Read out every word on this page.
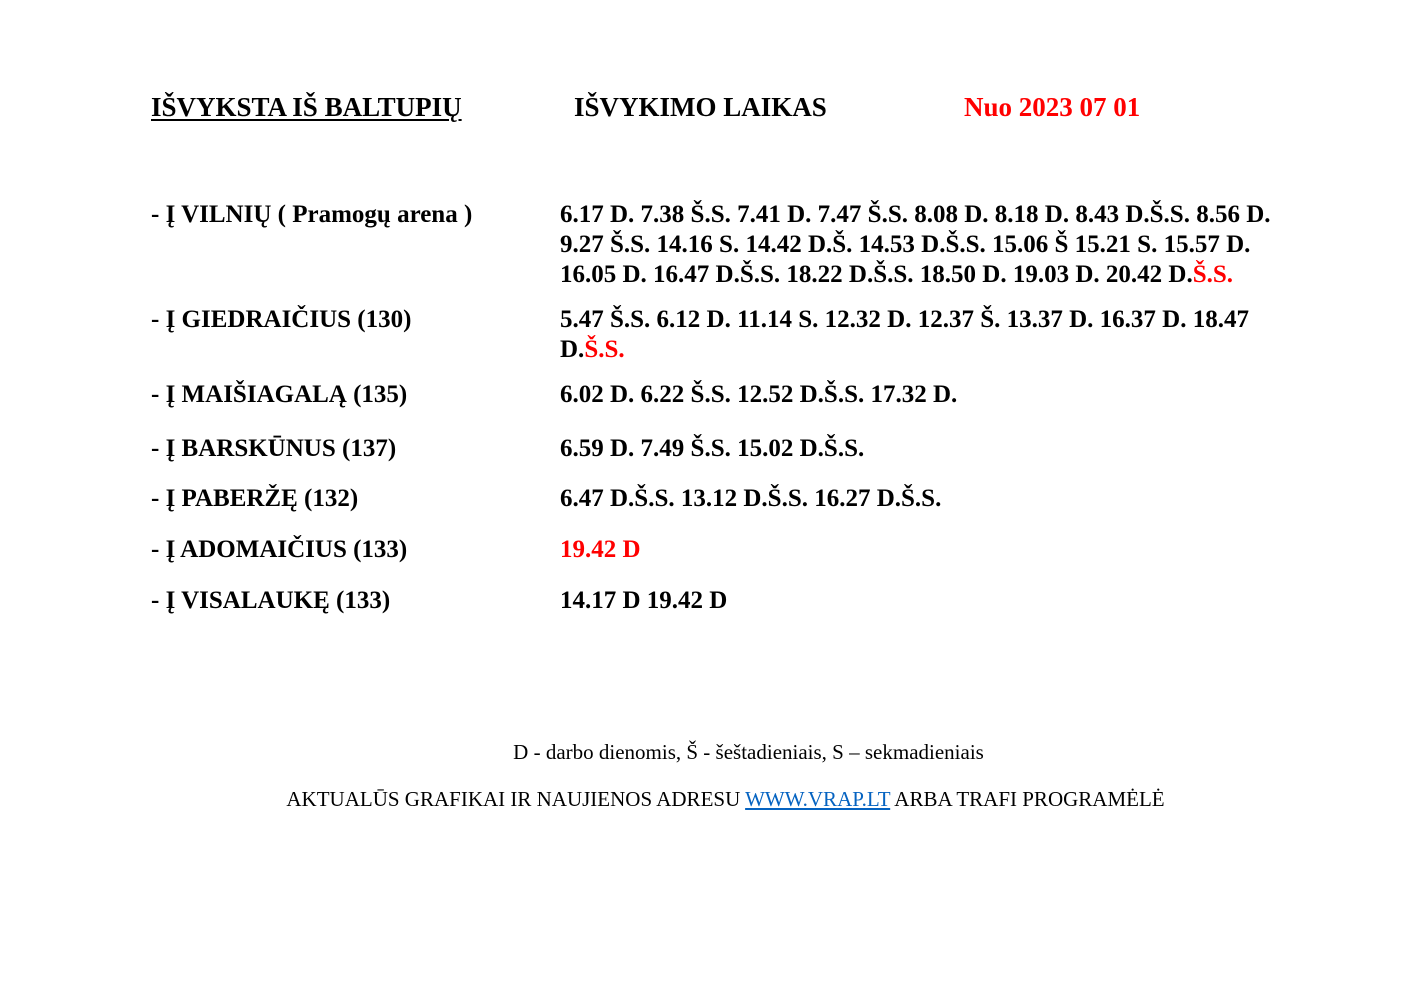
IŠVYKSTA IŠ BALTUPIŲ	IŠVYKIMO LAIKAS	Nuo 2023 07 01
- Į VILNIŲ ( Pramogų arena )	6.17 D. 7.38 Š.S. 7.41 D. 7.47 Š.S. 8.08 D. 8.18 D. 8.43 D.Š.S. 8.56 D. 9.27 Š.S. 14.16 S. 14.42 D.Š. 14.53 D.Š.S. 15.06 Š 15.21 S. 15.57 D. 16.05 D. 16.47 D.Š.S. 18.22 D.Š.S. 18.50 D. 19.03 D. 20.42 D.Š.S.
- Į GIEDRAIČIUS (130)	5.47 Š.S. 6.12 D. 11.14 S. 12.32 D. 12.37 Š. 13.37 D. 16.37 D. 18.47 D.Š.S.
- Į MAIŠIAGALĄ (135)	6.02 D. 6.22 Š.S. 12.52 D.Š.S. 17.32 D.
- Į BARSKŪNUS (137)	6.59 D. 7.49 Š.S. 15.02 D.Š.S.
- Į PABERŽĘ (132)	6.47 D.Š.S. 13.12 D.Š.S. 16.27 D.Š.S.
- Į ADOMAIČIUS (133)	19.42 D
- Į VISALAUKĘ (133)	14.17 D 19.42 D
D - darbo dienomis, Š - šeštadieniais, S – sekmadieniais
AKTUALŪS GRAFIKAI IR NAUJIENOS ADRESU WWW.VRAP.LT ARBA TRAFI PROGRAMĖLĖ
